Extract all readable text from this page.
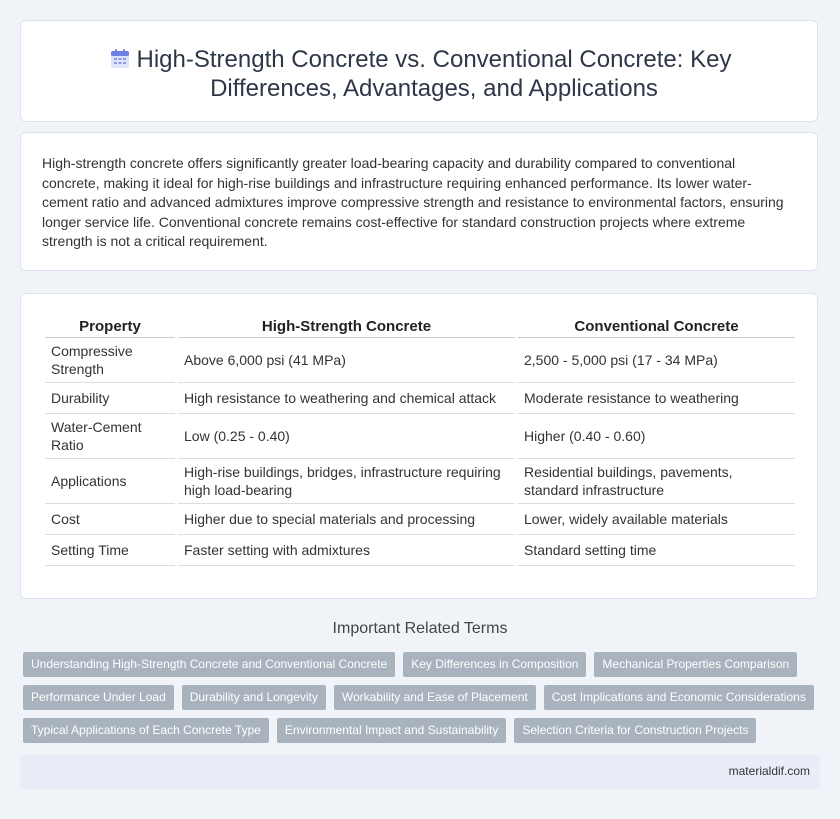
High-Strength Concrete vs. Conventional Concrete: Key Differences, Advantages, and Applications
High-strength concrete offers significantly greater load-bearing capacity and durability compared to conventional concrete, making it ideal for high-rise buildings and infrastructure requiring enhanced performance. Its lower water-cement ratio and advanced admixtures improve compressive strength and resistance to environmental factors, ensuring longer service life. Conventional concrete remains cost-effective for standard construction projects where extreme strength is not a critical requirement.
Property	High-Strength Concrete	Conventional Concrete
Compressive Strength	Above 6,000 psi (41 MPa)	2,500 - 5,000 psi (17 - 34 MPa)
Durability	High resistance to weathering and chemical attack	Moderate resistance to weathering
Water-Cement Ratio	Low (0.25 - 0.40)	Higher (0.40 - 0.60)
Applications	High-rise buildings, bridges, infrastructure requiring high load-bearing	Residential buildings, pavements, standard infrastructure
Cost	Higher due to special materials and processing	Lower, widely available materials
Setting Time	Faster setting with admixtures	Standard setting time
Important Related Terms
Understanding High-Strength Concrete and Conventional Concrete	Key Differences in Composition	Mechanical Properties Comparison
Performance Under Load	Durability and Longevity	Workability and Ease of Placement	Cost Implications and Economic Considerations
Typical Applications of Each Concrete Type	Environmental Impact and Sustainability	Selection Criteria for Construction Projects
materialdif.com
